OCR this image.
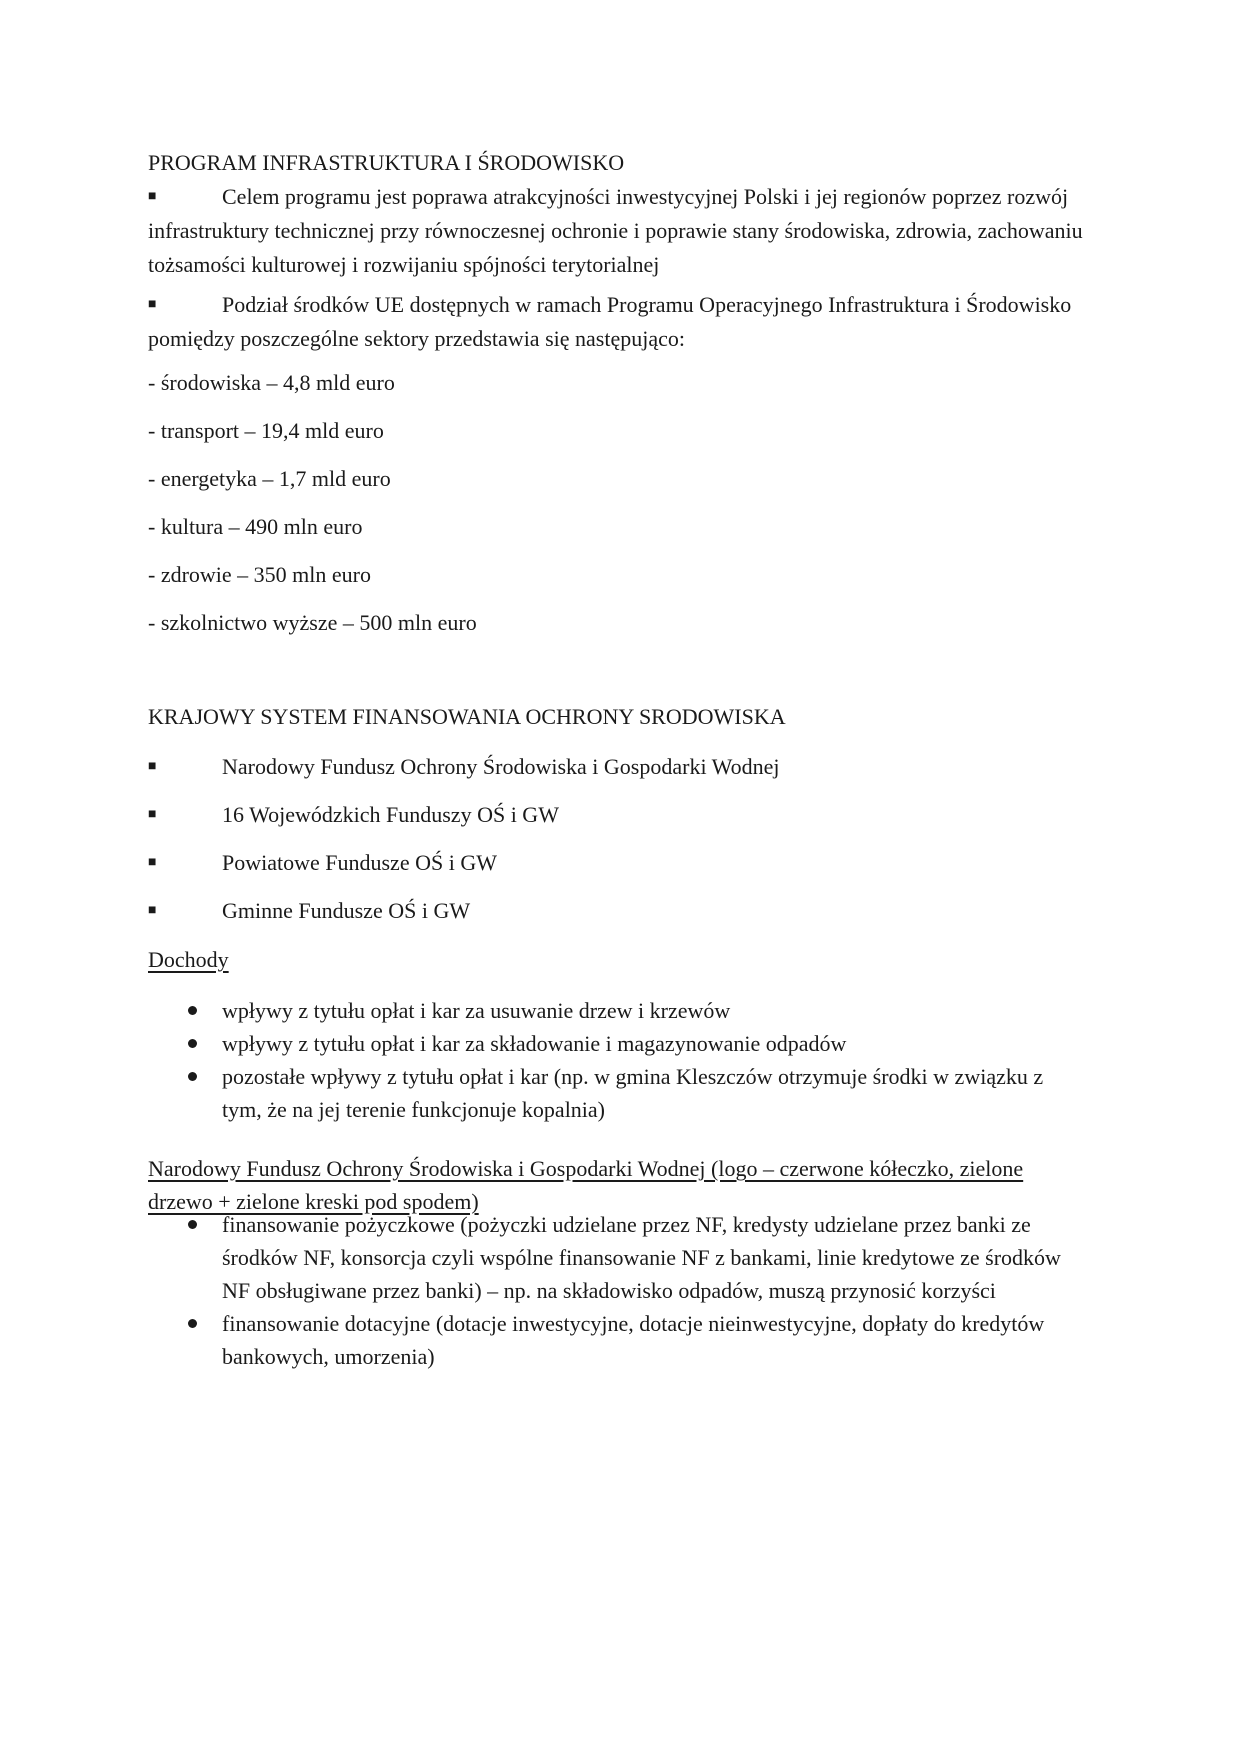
PROGRAM INFRASTRUKTURA I ŚRODOWISKO

■	Celem programu jest poprawa atrakcyjności inwestycyjnej Polski i jej regionów poprzez rozwój infrastruktury technicznej przy równoczesnej ochronie i poprawie stany środowiska, zdrowia, zachowaniu tożsamości kulturowej i rozwijaniu spójności terytorialnej
■	Podział środków UE dostępnych w ramach Programu Operacyjnego Infrastruktura i Środowisko pomiędzy poszczególne sektory przedstawia się następująco:

- środowiska – 4,8 mld euro

- transport – 19,4 mld euro

- energetyka – 1,7 mld euro

- kultura – 490 mln euro

- zdrowie – 350 mln euro

- szkolnictwo wyższe – 500 mln euro

KRAJOWY SYSTEM FINANSOWANIA OCHRONY SRODOWISKA

■	Narodowy Fundusz Ochrony Środowiska i Gospodarki Wodnej
■	16 Wojewódzkich Funduszy OŚ i GW
■	Powiatowe Fundusze OŚ i GW
■	Gminne Fundusze OŚ i GW

Dochody

wpływy z tytułu opłat i kar za usuwanie drzew i krzewów
wpływy z tytułu opłat i kar za składowanie i magazynowanie odpadów
pozostałe wpływy z tytułu opłat i kar (np. w gmina Kleszczów otrzymuje środki w związku z tym, że na jej terenie funkcjonuje kopalnia)

Narodowy Fundusz Ochrony Środowiska i Gospodarki Wodnej (logo – czerwone kółeczko, zielone drzewo + zielone kreski pod spodem)

finansowanie pożyczkowe (pożyczki udzielane przez NF, kredysty udzielane przez banki ze środków NF, konsorcja czyli wspólne finansowanie NF z bankami, linie kredytowe ze środków NF obsługiwane przez banki) – np. na składowisko odpadów, muszą przynosić korzyści
finansowanie dotacyjne (dotacje inwestycyjne, dotacje nieinwestycyjne, dopłaty do kredytów bankowych, umorzenia)
